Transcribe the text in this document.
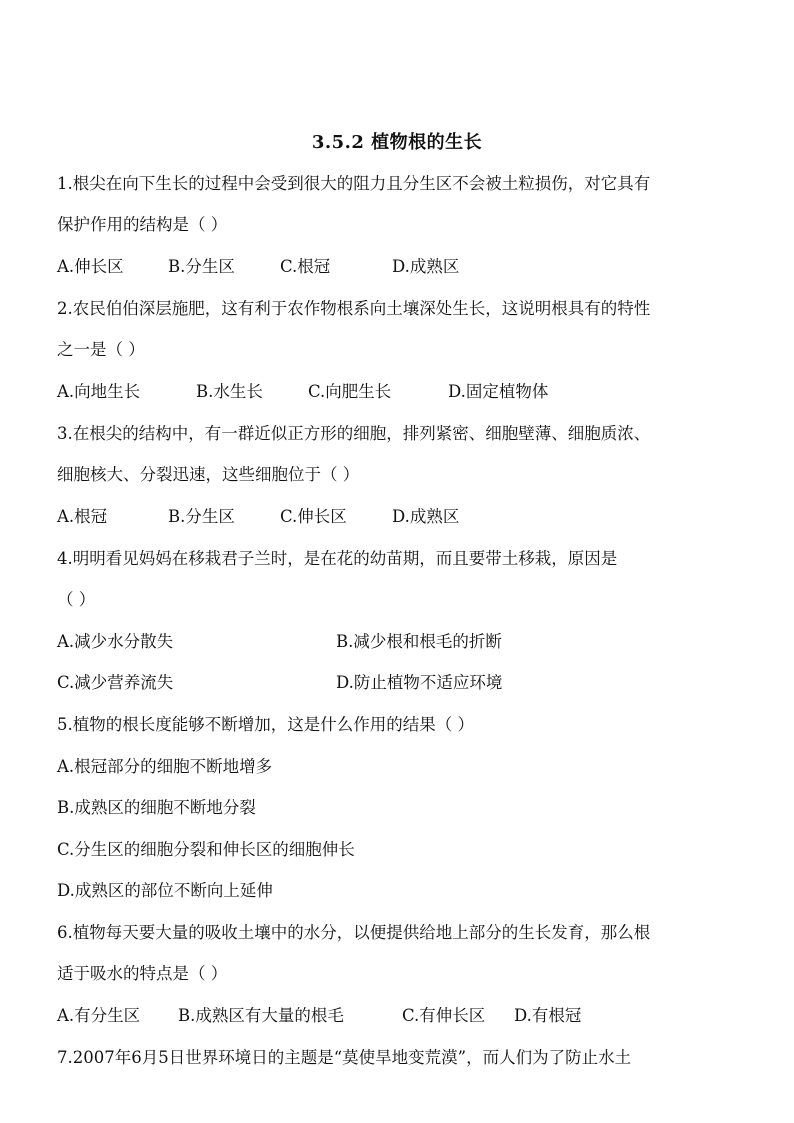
3.5.2 植物根的生长
1.根尖在向下生长的过程中会受到很大的阻力且分生区不会被土粒损伤，对它具有
保护作用的结构是（ ）
A.伸长区	B.分生区	C.根冠	D.成熟区
2.农民伯伯深层施肥，这有利于农作物根系向土壤深处生长，这说明根具有的特性
之一是（ ）
A.向地生长	B.水生长	C.向肥生长	D.固定植物体
3.在根尖的结构中，有一群近似正方形的细胞，排列紧密、细胞壁薄、细胞质浓、
细胞核大、分裂迅速，这些细胞位于（ ）
A.根冠	B.分生区	C.伸长区	D.成熟区
4.明明看见妈妈在移栽君子兰时，是在花的幼苗期，而且要带土移栽，原因是
（ ）
A.减少水分散失	B.减少根和根毛的折断
C.减少营养流失	D.防止植物不适应环境
5.植物的根长度能够不断增加，这是什么作用的结果（ ）
A.根冠部分的细胞不断地增多
B.成熟区的细胞不断地分裂
C.分生区的细胞分裂和伸长区的细胞伸长
D.成熟区的部位不断向上延伸
6.植物每天要大量的吸收土壤中的水分，以便提供给地上部分的生长发育，那么根
适于吸水的特点是（ ）
A.有分生区 B.成熟区有大量的根毛	C.有伸长区 D.有根冠
7.2007年6月5日世界环境日的主题是“莫使旱地变荒漠”，而人们为了防止水土
